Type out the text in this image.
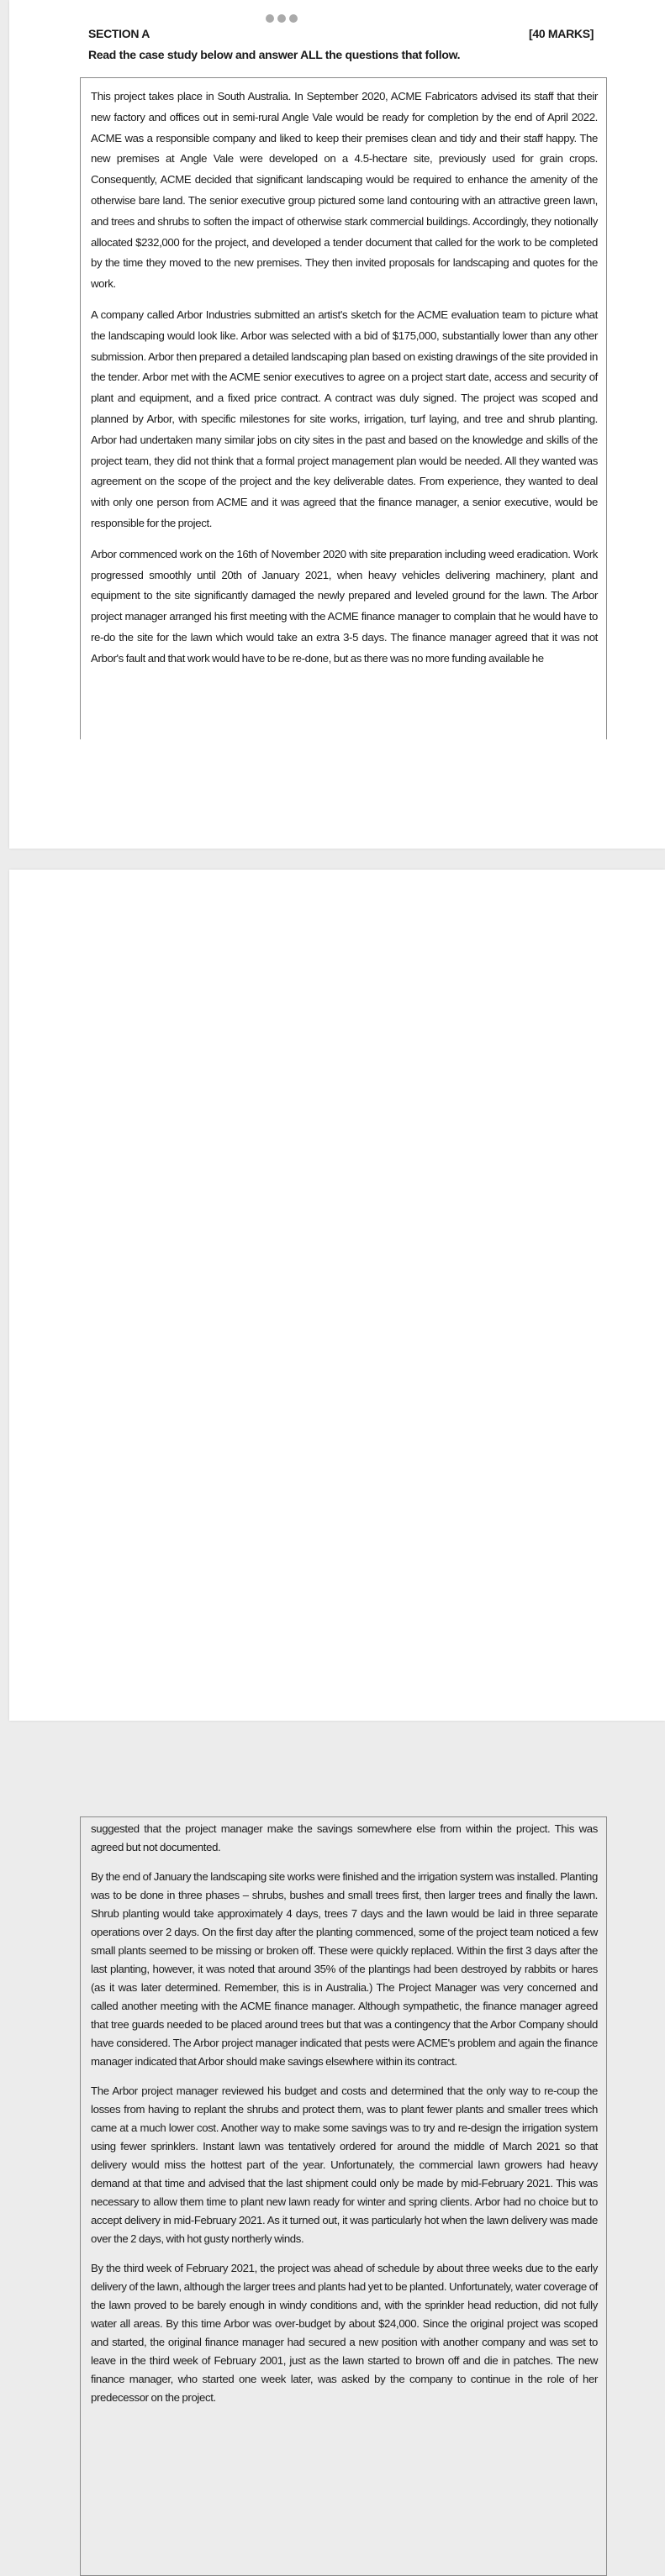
SECTION A	[40 MARKS]
Read the case study below and answer ALL the questions that follow.

This project takes place in South Australia. In September 2020, ACME Fabricators advised its staff that their new factory and offices out in semi-rural Angle Vale would be ready for completion by the end of April 2022. ACME was a responsible company and liked to keep their premises clean and tidy and their staff happy. The new premises at Angle Vale were developed on a 4.5-hectare site, previously used for grain crops. Consequently, ACME decided that significant landscaping would be required to enhance the amenity of the otherwise bare land. The senior executive group pictured some land contouring with an attractive green lawn, and trees and shrubs to soften the impact of otherwise stark commercial buildings. Accordingly, they notionally allocated $232,000 for the project, and developed a tender document that called for the work to be completed by the time they moved to the new premises. They then invited proposals for landscaping and quotes for the work.

A company called Arbor Industries submitted an artist's sketch for the ACME evaluation team to picture what the landscaping would look like. Arbor was selected with a bid of $175,000, substantially lower than any other submission. Arbor then prepared a detailed landscaping plan based on existing drawings of the site provided in the tender. Arbor met with the ACME senior executives to agree on a project start date, access and security of plant and equipment, and a fixed price contract. A contract was duly signed. The project was scoped and planned by Arbor, with specific milestones for site works, irrigation, turf laying, and tree and shrub planting. Arbor had undertaken many similar jobs on city sites in the past and based on the knowledge and skills of the project team, they did not think that a formal project management plan would be needed. All they wanted was agreement on the scope of the project and the key deliverable dates. From experience, they wanted to deal with only one person from ACME and it was agreed that the finance manager, a senior executive, would be responsible for the project.

Arbor commenced work on the 16th of November 2020 with site preparation including weed eradication. Work progressed smoothly until 20th of January 2021, when heavy vehicles delivering machinery, plant and equipment to the site significantly damaged the newly prepared and leveled ground for the lawn. The Arbor project manager arranged his first meeting with the ACME finance manager to complain that he would have to re-do the site for the lawn which would take an extra 3-5 days. The finance manager agreed that it was not Arbor's fault and that work would have to be re-done, but as there was no more funding available he

suggested that the project manager make the savings somewhere else from within the project. This was agreed but not documented.

By the end of January the landscaping site works were finished and the irrigation system was installed. Planting was to be done in three phases – shrubs, bushes and small trees first, then larger trees and finally the lawn. Shrub planting would take approximately 4 days, trees 7 days and the lawn would be laid in three separate operations over 2 days. On the first day after the planting commenced, some of the project team noticed a few small plants seemed to be missing or broken off. These were quickly replaced. Within the first 3 days after the last planting, however, it was noted that around 35% of the plantings had been destroyed by rabbits or hares (as it was later determined. Remember, this is in Australia.) The Project Manager was very concerned and called another meeting with the ACME finance manager. Although sympathetic, the finance manager agreed that tree guards needed to be placed around trees but that was a contingency that the Arbor Company should have considered. The Arbor project manager indicated that pests were ACME's problem and again the finance manager indicated that Arbor should make savings elsewhere within its contract.

The Arbor project manager reviewed his budget and costs and determined that the only way to re-coup the losses from having to replant the shrubs and protect them, was to plant fewer plants and smaller trees which came at a much lower cost. Another way to make some savings was to try and re-design the irrigation system using fewer sprinklers. Instant lawn was tentatively ordered for around the middle of March 2021 so that delivery would miss the hottest part of the year. Unfortunately, the commercial lawn growers had heavy demand at that time and advised that the last shipment could only be made by mid-February 2021. This was necessary to allow them time to plant new lawn ready for winter and spring clients. Arbor had no choice but to accept delivery in mid-February 2021. As it turned out, it was particularly hot when the lawn delivery was made over the 2 days, with hot gusty northerly winds.

By the third week of February 2021, the project was ahead of schedule by about three weeks due to the early delivery of the lawn, although the larger trees and plants had yet to be planted. Unfortunately, water coverage of the lawn proved to be barely enough in windy conditions and, with the sprinkler head reduction, did not fully water all areas. By this time Arbor was over-budget by about $24,000. Since the original project was scoped and started, the original finance manager had secured a new position with another company and was set to leave in the third week of February 2001, just as the lawn started to brown off and die in patches. The new finance manager, who started one week later, was asked by the company to continue in the role of her predecessor on the project.
